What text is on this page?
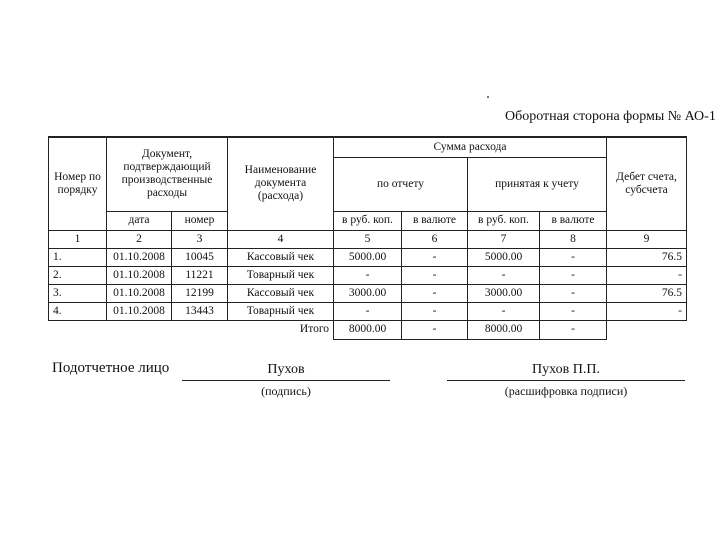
Оборотная сторона формы № АО-1
Номер по порядку	Документ, подтверждающий производственные расходы		Наименование документа (расхода)	Сумма расхода				Дебет счета, субсчета
				по отчету		принятая к учету		
	дата	номер		в руб. коп.	в валюте	в руб. коп.	в валюте	
1	2	3	4	5	6	7	8	9
1.	01.10.2008	10045	Кассовый чек	5000.00	-	5000.00	-	76.5
2.	01.10.2008	11221	Товарный чек	-	-	-	-	-
3.	01.10.2008	12199	Кассовый чек	3000.00	-	3000.00	-	76.5
4.	01.10.2008	13443	Товарный чек	-	-	-	-	-
Итого				8000.00	-	8000.00	-	
Подотчетное лицо	Пухов
(подпись)
Пухов П.П.
(расшифровка подписи)
